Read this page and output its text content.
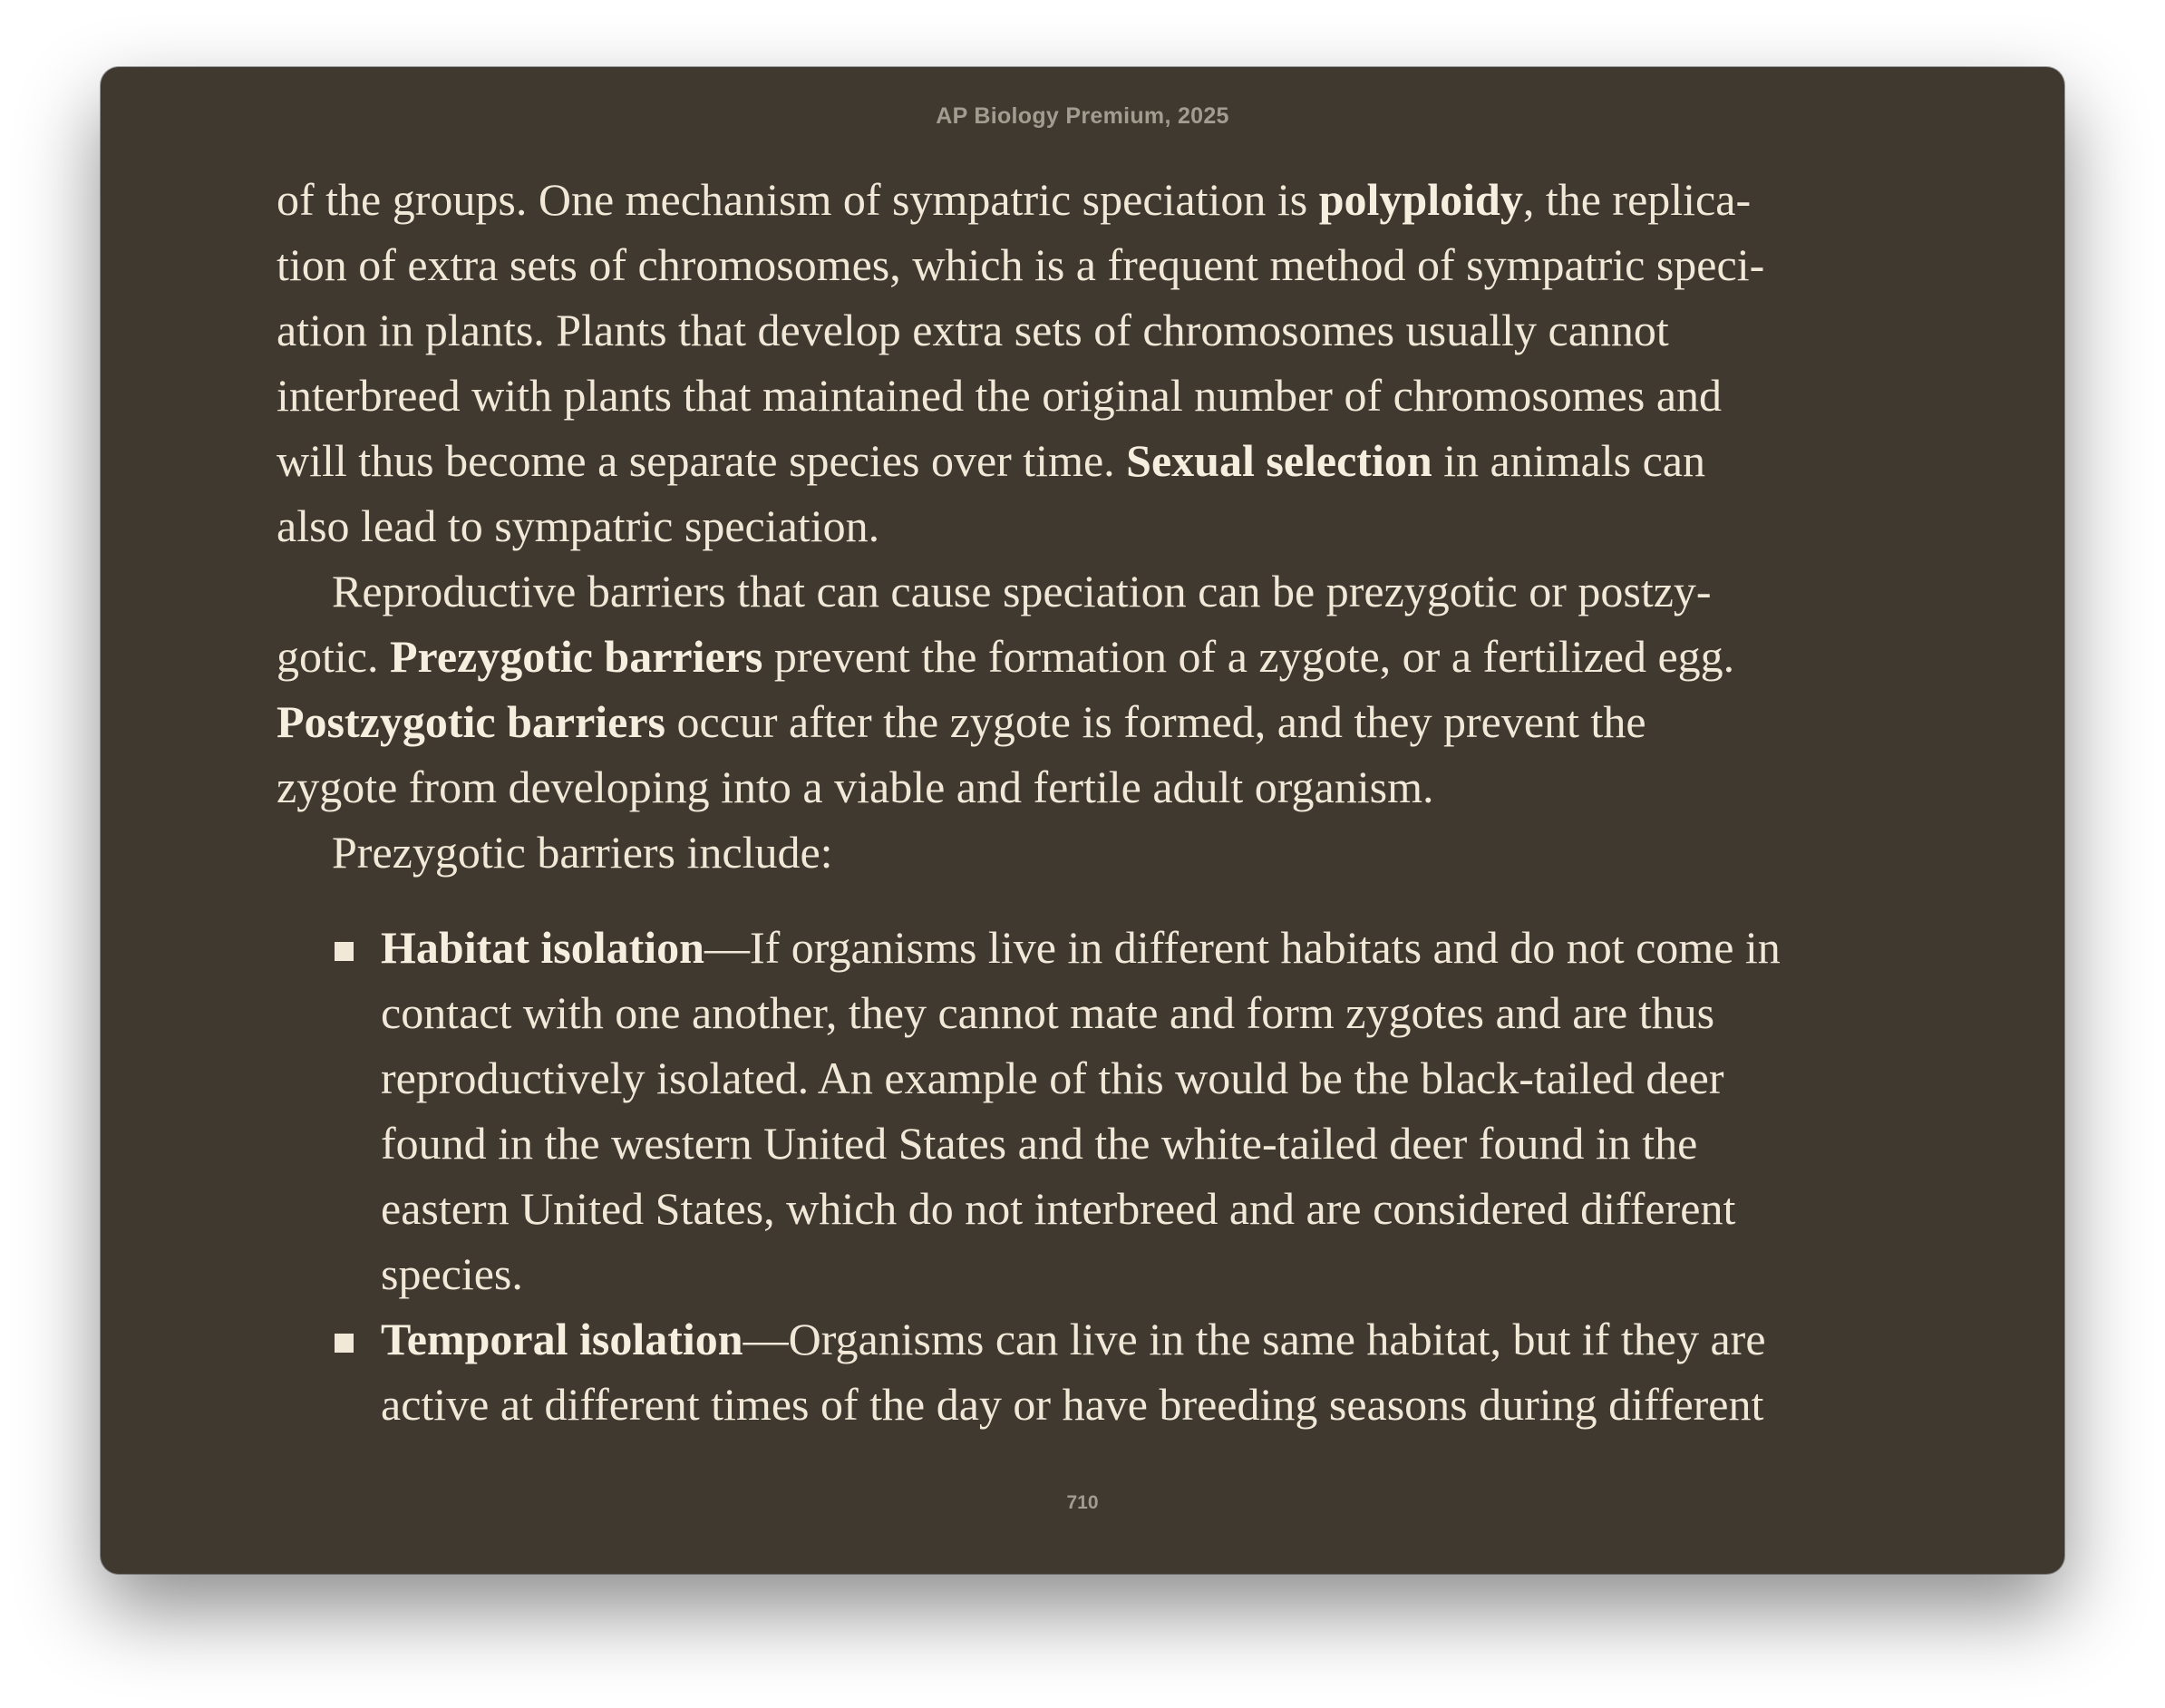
AP Biology Premium, 2025
of the groups. One mechanism of sympatric speciation is polyploidy, the replica-
tion of extra sets of chromosomes, which is a frequent method of sympatric speci-
ation in plants. Plants that develop extra sets of chromosomes usually cannot
interbreed with plants that maintained the original number of chromosomes and
will thus become a separate species over time. Sexual selection in animals can
also lead to sympatric speciation.
Reproductive barriers that can cause speciation can be prezygotic or postzy-
gotic. Prezygotic barriers prevent the formation of a zygote, or a fertilized egg.
Postzygotic barriers occur after the zygote is formed, and they prevent the
zygote from developing into a viable and fertile adult organism.
Prezygotic barriers include:
Habitat isolation—If organisms live in different habitats and do not come in
contact with one another, they cannot mate and form zygotes and are thus
reproductively isolated. An example of this would be the black-tailed deer
found in the western United States and the white-tailed deer found in the
eastern United States, which do not interbreed and are considered different
species.
Temporal isolation—Organisms can live in the same habitat, but if they are
active at different times of the day or have breeding seasons during different
710
